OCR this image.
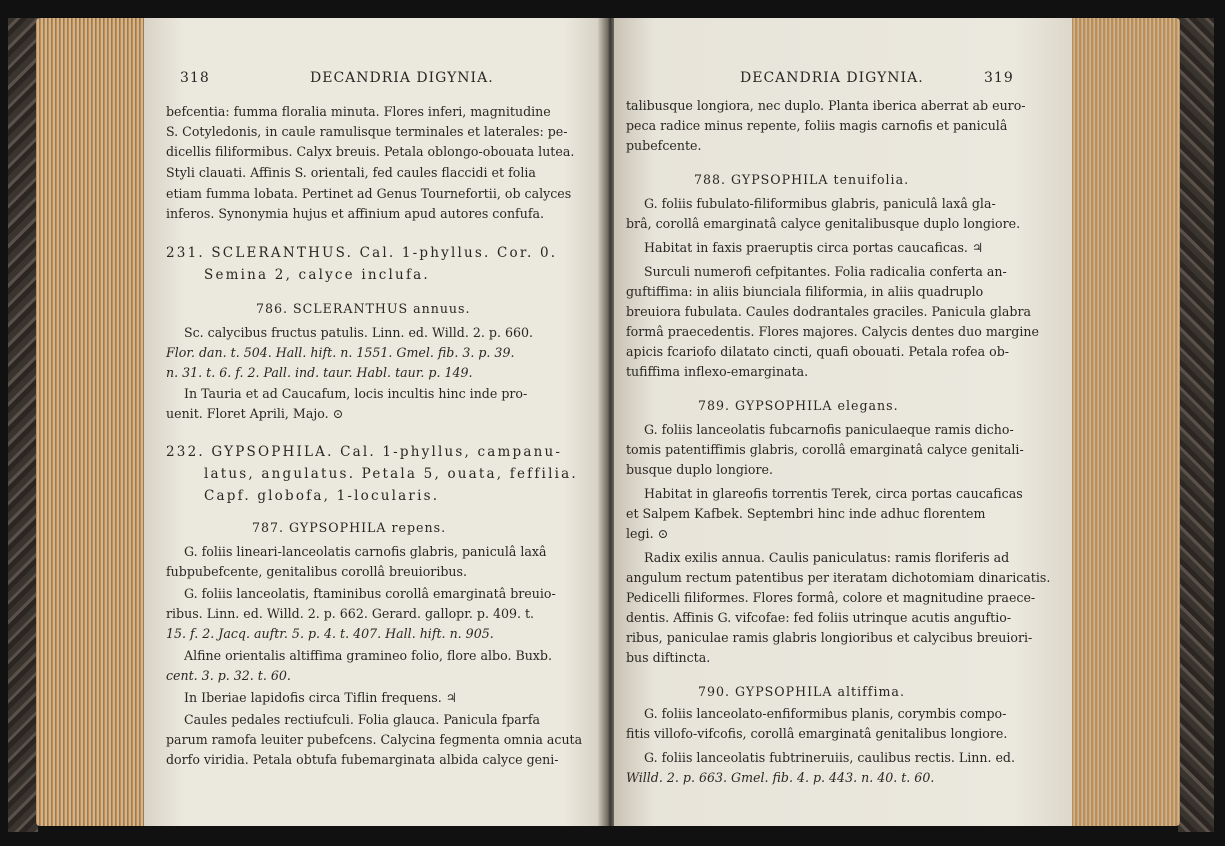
318	DECANDRIA DIGYNIA.
befcentia: fumma floralia minuta. Flores inferi, magnitudine
S. Cotyledonis, in caule ramulisque terminales et laterales: pe-
dicellis filiformibus. Calyx breuis. Petala oblongo-obouata lutea.
Styli clauati. Affinis S. orientali, fed caules flaccidi et folia
etiam fumma lobata. Pertinet ad Genus Tournefortii, ob calyces
inferos. Synonymia hujus et affinium apud autores confufa.
231. SCLERANTHUS. Cal. 1-phyllus. Cor. 0.
Semina 2, calyce inclufa.
786. SCLERANTHUS annuus.
Sc. calycibus fructus patulis. Linn. ed. Willd. 2. p. 660.
Flor. dan. t. 504. Hall. hift. n. 1551. Gmel. fib. 3. p. 39.
n. 31. t. 6. f. 2. Pall. ind. taur. Habl. taur. p. 149.
In Tauria et ad Caucafum, locis incultis hinc inde pro-
uenit. Floret Aprili, Majo. ⊙
232. GYPSOPHILA. Cal. 1-phyllus, campanu-
latus, angulatus. Petala 5, ouata, feffilia.
Capf. globofa, 1-locularis.
787. GYPSOPHILA repens.
G. foliis lineari-lanceolatis carnofis glabris, paniculâ laxâ
fubpubefcente, genitalibus corollâ breuioribus.
G. foliis lanceolatis, ftaminibus corollâ emarginatâ breuio-
ribus. Linn. ed. Willd. 2. p. 662. Gerard. gallopr. p. 409. t.
15. f. 2. Jacq. auftr. 5. p. 4. t. 407. Hall. hift. n. 905.
Alfine orientalis altiffima gramineo folio, flore albo. Buxb.
cent. 3. p. 32. t. 60.
In Iberiae lapidofis circa Tiflin frequens. ♃
Caules pedales rectiufculi. Folia glauca. Panicula fparfa
parum ramofa leuiter pubefcens. Calycina fegmenta omnia acuta
dorfo viridia. Petala obtufa fubemarginata albida calyce geni-
DECANDRIA DIGYNIA.	319
talibusque longiora, nec duplo. Planta iberica aberrat ab euro-
peca radice minus repente, foliis magis carnofis et paniculâ
pubefcente.
788. GYPSOPHILA tenuifolia.
G. foliis fubulato-filiformibus glabris, paniculâ laxâ gla-
brâ, corollâ emarginatâ calyce genitalibusque duplo longiore.
Habitat in faxis praeruptis circa portas caucaficas. ♃
Surculi numerofi cefpitantes. Folia radicalia conferta an-
guftiffima: in aliis biunciala filiformia, in aliis quadruplo
breuiora fubulata. Caules dodrantales graciles. Panicula glabra
formâ praecedentis. Flores majores. Calycis dentes duo margine
apicis fcariofo dilatato cincti, quafi obouati. Petala rofea ob-
tufiffima inflexo-emarginata.
789. GYPSOPHILA elegans.
G. foliis lanceolatis fubcarnofis paniculaeque ramis dicho-
tomis patentiffimis glabris, corollâ emarginatâ calyce genitali-
busque duplo longiore.
Habitat in glareofis torrentis Terek, circa portas caucaficas
et Salpem Kafbek. Septembri hinc inde adhuc florentem
legi. ⊙
Radix exilis annua. Caulis paniculatus: ramis floriferis ad
angulum rectum patentibus per iteratam dichotomiam dinaricatis.
Pedicelli filiformes. Flores formâ, colore et magnitudine praece-
dentis. Affinis G. vifcofae: fed foliis utrinque acutis anguftio-
ribus, paniculae ramis glabris longioribus et calycibus breuiori-
bus diftincta.
790. GYPSOPHILA altiffima.
G. foliis lanceolato-enfiformibus planis, corymbis compo-
fitis villofo-vifcofis, corollâ emarginatâ genitalibus longiore.
G. foliis lanceolatis fubtrineruiis, caulibus rectis. Linn. ed.
Willd. 2. p. 663. Gmel. fib. 4. p. 443. n. 40. t. 60.
